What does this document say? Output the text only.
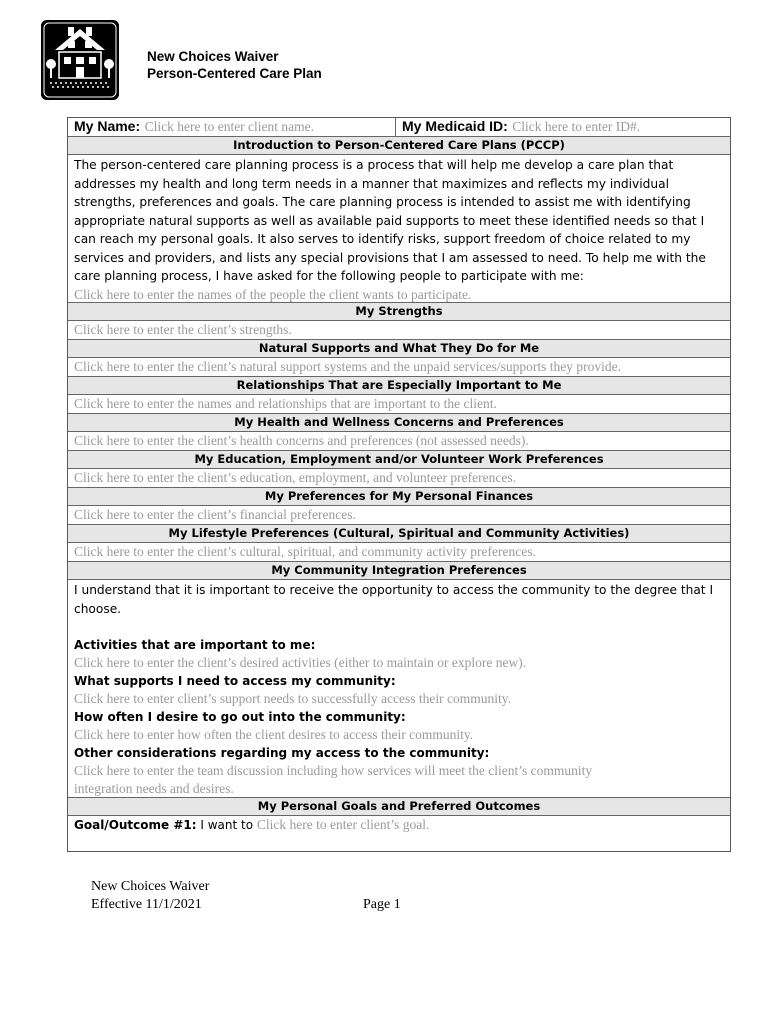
New Choices Waiver
Person-Centered Care Plan
My Name: Click here to enter client name.	My Medicaid ID: Click here to enter ID#.
Introduction to Person-Centered Care Plans (PCCP)
The person-centered care planning process is a process that will help me develop a care plan that
addresses my health and long term needs in a manner that maximizes and reflects my individual
strengths, preferences and goals. The care planning process is intended to assist me with identifying
appropriate natural supports as well as available paid supports to meet these identified needs so that I
can reach my personal goals. It also serves to identify risks, support freedom of choice related to my
services and providers, and lists any special provisions that I am assessed to need. To help me with the
care planning process, I have asked for the following people to participate with me:
Click here to enter the names of the people the client wants to participate.
My Strengths
Click here to enter the client’s strengths.
Natural Supports and What They Do for Me
Click here to enter the client’s natural support systems and the unpaid services/supports they provide.
Relationships That are Especially Important to Me
Click here to enter the names and relationships that are important to the client.
My Health and Wellness Concerns and Preferences
Click here to enter the client’s health concerns and preferences (not assessed needs).
My Education, Employment and/or Volunteer Work Preferences
Click here to enter the client’s education, employment, and volunteer preferences.
My Preferences for My Personal Finances
Click here to enter the client’s financial preferences.
My Lifestyle Preferences (Cultural, Spiritual and Community Activities)
Click here to enter the client’s cultural, spiritual, and community activity preferences.
My Community Integration Preferences
I understand that it is important to receive the opportunity to access the community to the degree that I
choose.
Activities that are important to me:
Click here to enter the client’s desired activities (either to maintain or explore new).
What supports I need to access my community:
Click here to enter client’s support needs to successfully access their community.
How often I desire to go out into the community:
Click here to enter how often the client desires to access their community.
Other considerations regarding my access to the community:
Click here to enter the team discussion including how services will meet the client’s community
integration needs and desires.
My Personal Goals and Preferred Outcomes
Goal/Outcome #1: I want to Click here to enter client’s goal.
New Choices Waiver
Effective 11/1/2021	Page 1
